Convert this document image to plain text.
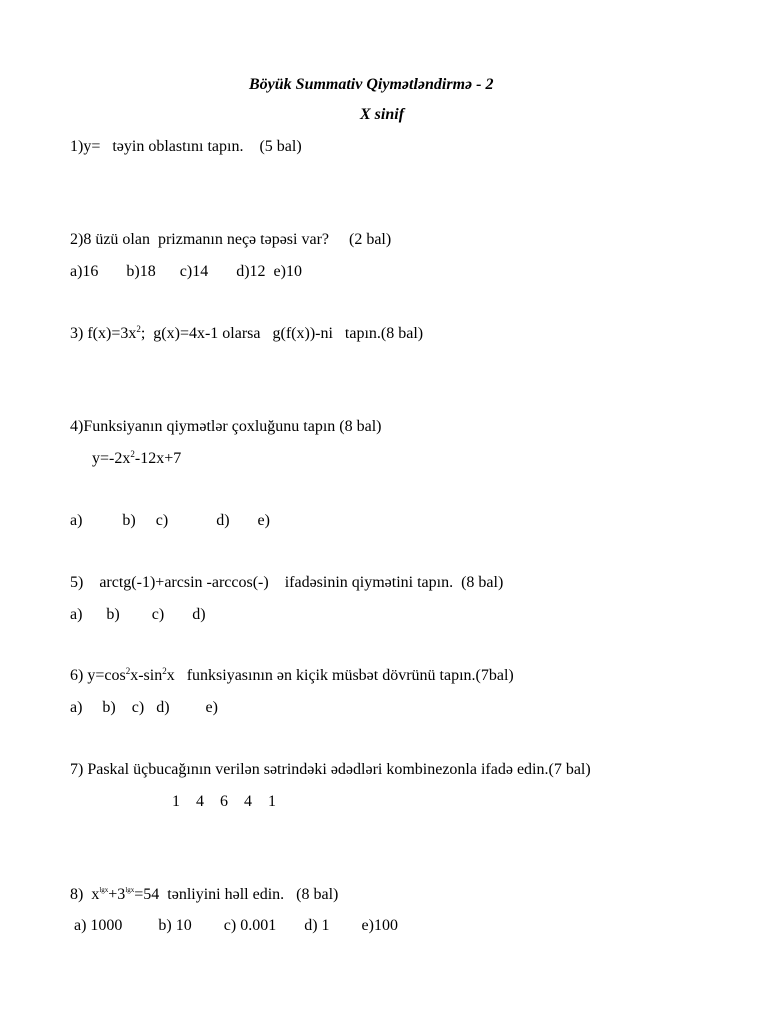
Böyük Summativ Qiymətləndirmə - 2
X sinif
1)y=   təyin oblastını tapın.    (5 bal)
2)8 üzü olan  prizmanın neçə təpəsi var?     (2 bal)
a)16       b)18      c)14       d)12  e)10
3) $f(x)=3x^2$;  g(x)=4x-1 olarsa   g(f(x))-ni   tapın.(8 bal)
4)Funksiyanın qiymətlər çoxluğunu tapın (8 bal)
$y=-2x^2-12x+7$
a)          b)     c)            d)       e)
5)    arctg(-1)+arcsin -arccos(-)    ifadəsinin qiymətini tapın.  (8 bal)
a)      b)        c)       d)
6) $y=\cos^2x-\sin^2x$   funksiyasının ən kiçik müsbət dövrünü tapın.(7bal)
a)     b)    c)   d)         e)
7) Paskal üçbucağının verilən sətrindəki ədədləri kombinezonla ifadə edin.(7 bal)
1    4    6    4    1
8)  $x^{lgx}+3^{lgx}=54$  tənliyini həll edin.   (8 bal)
a) 1000         b) 10        c) 0.001       d) 1        e)100
